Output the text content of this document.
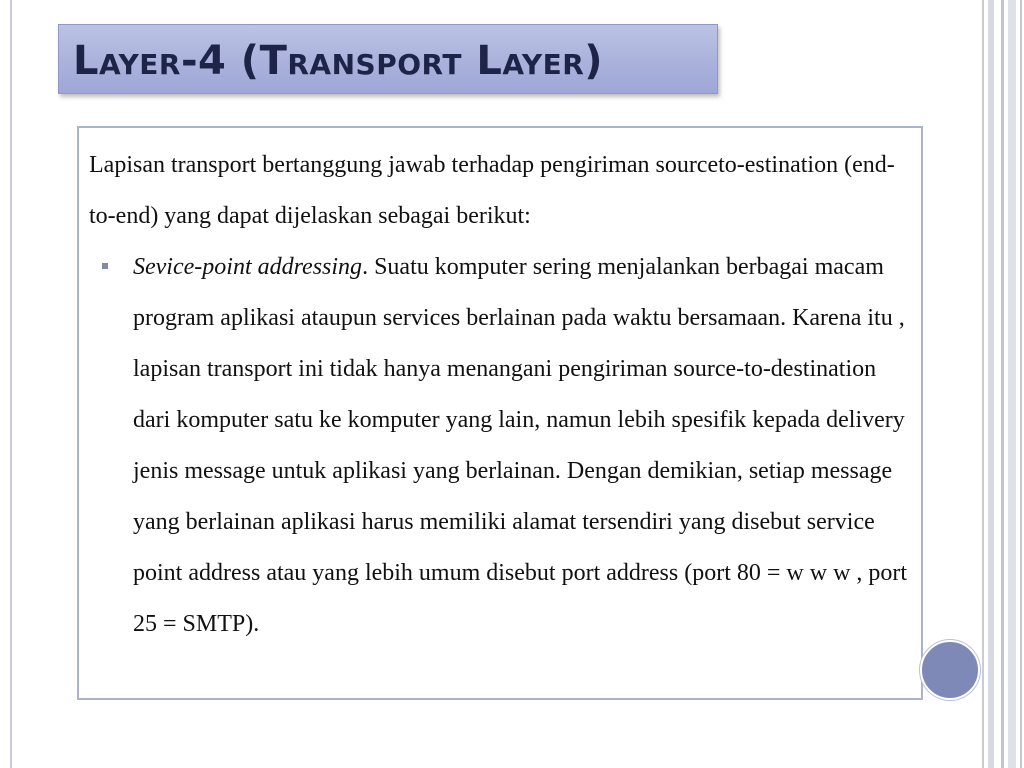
Layer-4 (Transport Layer)

Lapisan transport bertanggung jawab terhadap pengiriman sourceto-estination (end-to-end) yang dapat dijelaskan sebagai berikut:

Sevice-point addressing. Suatu komputer sering menjalankan berbagai macam program aplikasi ataupun services berlainan pada waktu bersamaan. Karena itu , lapisan transport ini tidak hanya menangani pengiriman source-to-destination dari komputer satu ke komputer yang lain, namun lebih spesifik kepada delivery jenis message untuk aplikasi yang berlainan. Dengan demikian, setiap message yang berlainan aplikasi harus memiliki alamat tersendiri yang disebut service point address atau yang lebih umum disebut port address (port 80 = w w w , port 25 = SMTP).
